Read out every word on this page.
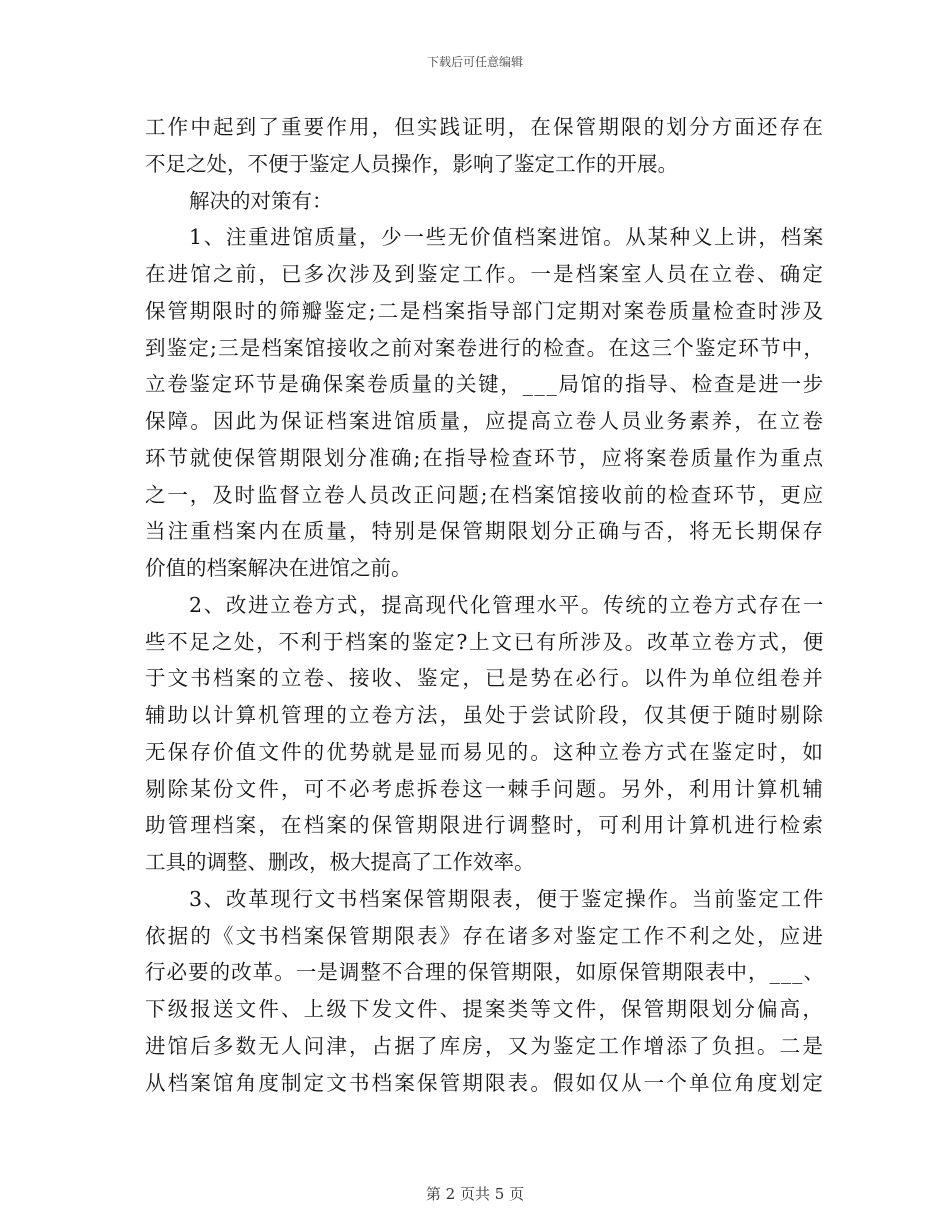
下载后可任意编辑
工作中起到了重要作用，但实践证明，在保管期限的划分方面还存在
不足之处，不便于鉴定人员操作，影响了鉴定工作的开展。
解决的对策有：
1、注重进馆质量，少一些无价值档案进馆。从某种义上讲，档案
在进馆之前，已多次涉及到鉴定工作。一是档案室人员在立卷、确定
保管期限时的筛瓣鉴定;二是档案指导部门定期对案卷质量检查时涉及
到鉴定;三是档案馆接收之前对案卷进行的检查。在这三个鉴定环节中，
立卷鉴定环节是确保案卷质量的关键，___局馆的指导、检查是进一步
保障。因此为保证档案进馆质量，应提高立卷人员业务素养，在立卷
环节就使保管期限划分准确;在指导检查环节，应将案卷质量作为重点
之一，及时监督立卷人员改正问题;在档案馆接收前的检查环节，更应
当注重档案内在质量，特别是保管期限划分正确与否，将无长期保存
价值的档案解决在进馆之前。
2、改进立卷方式，提高现代化管理水平。传统的立卷方式存在一
些不足之处，不利于档案的鉴定?上文已有所涉及。改革立卷方式，便
于文书档案的立卷、接收、鉴定，已是势在必行。以件为单位组卷并
辅助以计算机管理的立卷方法，虽处于尝试阶段，仅其便于随时剔除
无保存价值文件的优势就是显而易见的。这种立卷方式在鉴定时，如
剔除某份文件，可不必考虑拆卷这一棘手问题。另外，利用计算机辅
助管理档案，在档案的保管期限进行调整时，可利用计算机进行检索
工具的调整、删改，极大提高了工作效率。
3、改革现行文书档案保管期限表，便于鉴定操作。当前鉴定工件
依据的《文书档案保管期限表》存在诸多对鉴定工作不利之处，应进
行必要的改革。一是调整不合理的保管期限，如原保管期限表中，___、
下级报送文件、上级下发文件、提案类等文件，保管期限划分偏高，
进馆后多数无人问津，占据了库房，又为鉴定工作增添了负担。二是
从档案馆角度制定文书档案保管期限表。假如仅从一个单位角度划定
第 2 页共 5 页
